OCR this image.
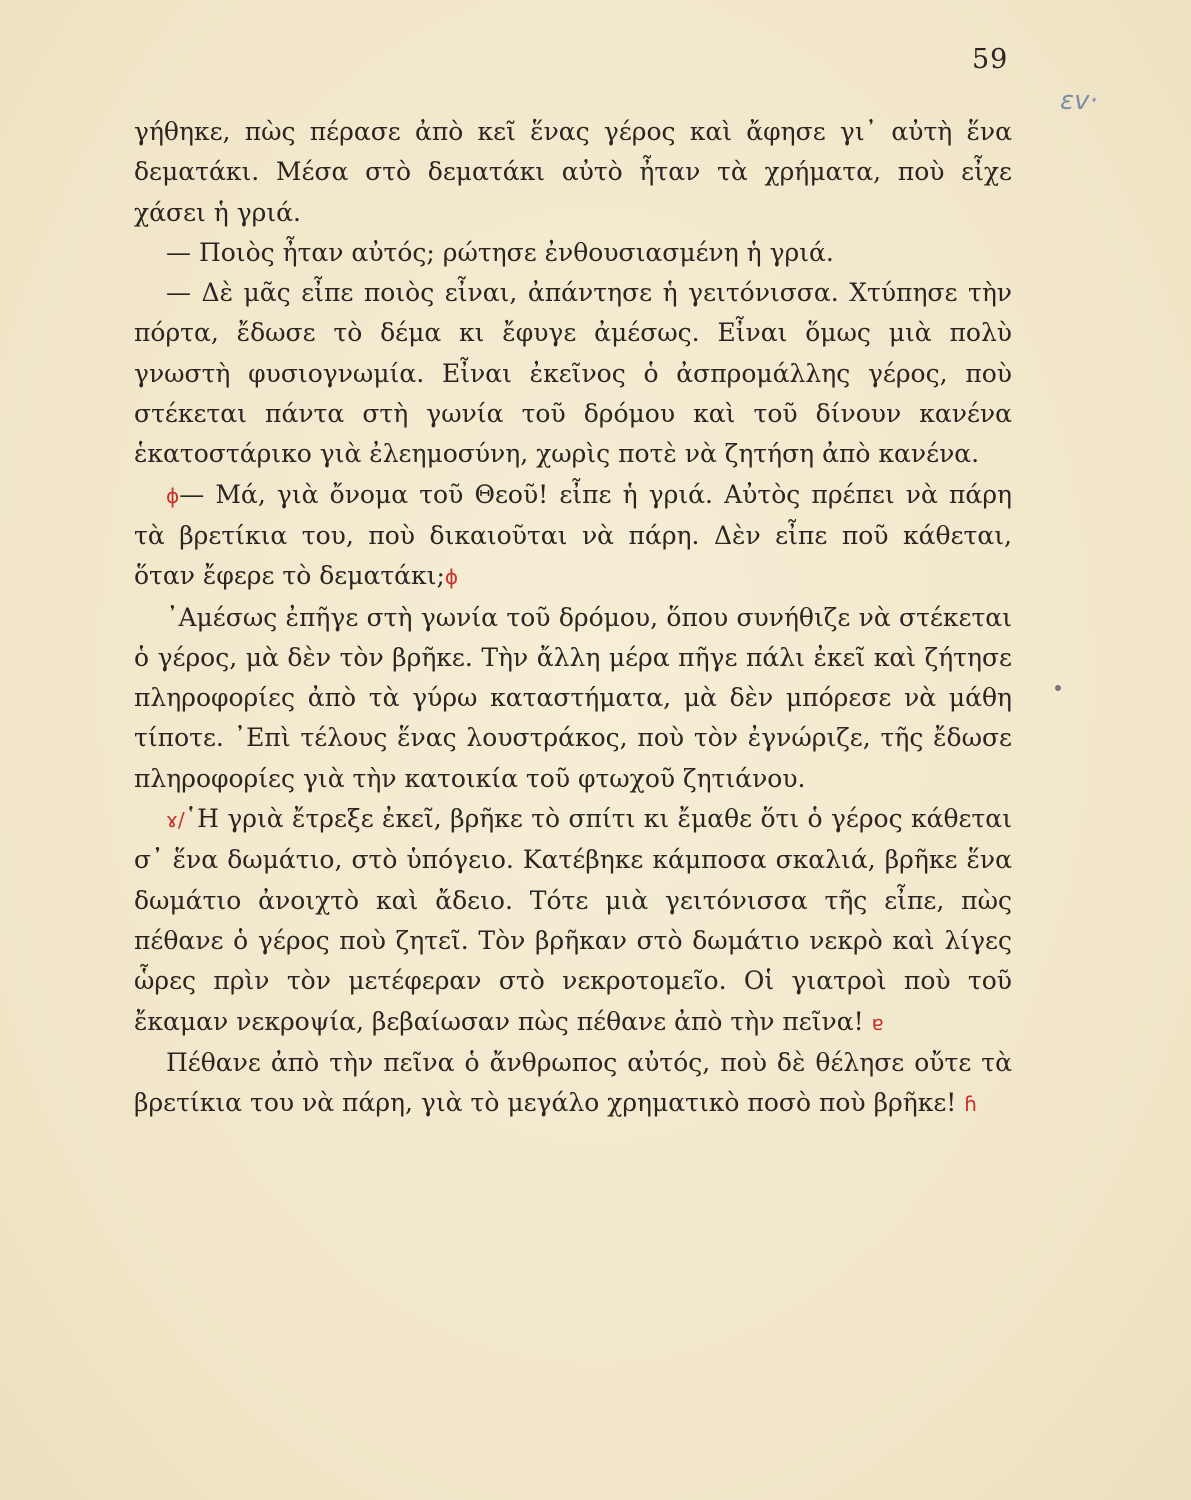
59
ɛv·

γήθηκε, πὼς πέρασε ἀπὸ κεῖ ἕνας γέρος καὶ ἄφησε γι᾿ αὐτὴ ἕνα δεματάκι. Μέσα στὸ δεματάκι αὐτὸ ἦταν τὰ χρήματα, ποὺ εἶχε χάσει ἡ γριά.

— Ποιὸς ἦταν αὐτός; ρώτησε ἐνθουσιασμένη ἡ γριά.

— Δὲ μᾶς εἶπε ποιὸς εἶναι, ἀπάντησε ἡ γειτόνισσα. Χτύπησε τὴν πόρτα, ἔδωσε τὸ δέμα κι ἔφυγε ἀμέσως. Εἶναι ὅμως μιὰ πολὺ γνωστὴ φυσιογνωμία. Εἶναι ἐκεῖνος ὁ ἀσπρομάλλης γέρος, ποὺ στέκεται πάντα στὴ γωνία τοῦ δρόμου καὶ τοῦ δίνουν κανένα ἑκατοστάρικο γιὰ ἐλεημοσύνη, χωρὶς ποτὲ νὰ ζητήση ἀπὸ κανένα.

ɸ— Μά, γιὰ ὄνομα τοῦ Θεοῦ! εἶπε ἡ γριά. Αὐτὸς πρέπει νὰ πάρη τὰ βρετίκια του, ποὺ δικαιοῦται νὰ πάρη. Δὲν εἶπε ποῦ κάθεται, ὅταν ἔφερε τὸ δεματάκι;ɸ

᾿Αμέσως ἐπῆγε στὴ γωνία τοῦ δρόμου, ὅπου συνήθιζε νὰ στέκεται ὁ γέρος, μὰ δὲν τὸν βρῆκε. Τὴν ἄλλη μέρα πῆγε πάλι ἐκεῖ καὶ ζήτησε πληροφορίες ἀπὸ τὰ γύρω καταστήματα, μὰ δὲν μπόρεσε νὰ μάθη τίποτε. ᾿Επὶ τέλους ἕνας λουστράκος, ποὺ τὸν ἐγνώριζε, τῆς ἔδωσε πληροφορίες γιὰ τὴν κατοικία τοῦ φτωχοῦ ζητιάνου.

ɤ/῾Η γριὰ ἔτρεξε ἐκεῖ, βρῆκε τὸ σπίτι κι ἔμαθε ὅτι ὁ γέρος κάθεται σ᾿ ἕνα δωμάτιο, στὸ ὑπόγειο. Κατέβηκε κάμποσα σκαλιά, βρῆκε ἕνα δωμάτιο ἀνοιχτὸ καὶ ἄδειο. Τότε μιὰ γειτόνισσα τῆς εἶπε, πὼς πέθανε ὁ γέρος ποὺ ζητεῖ. Τὸν βρῆκαν στὸ δωμάτιο νεκρὸ καὶ λίγες ὧρες πρὶν τὸν μετέφεραν στὸ νεκροτομεῖο. Οἱ γιατροὶ ποὺ τοῦ ἔκαμαν νεκροψία, βεβαίωσαν πὼς πέθανε ἀπὸ τὴν πεῖνα! ɐ

Πέθανε ἀπὸ τὴν πεῖνα ὁ ἄνθρωπος αὐτός, ποὺ δὲ θέλησε οὔτε τὰ βρετίκια του νὰ πάρη, γιὰ τὸ μεγάλο χρηματικὸ ποσὸ ποὺ βρῆκε! ɦ
